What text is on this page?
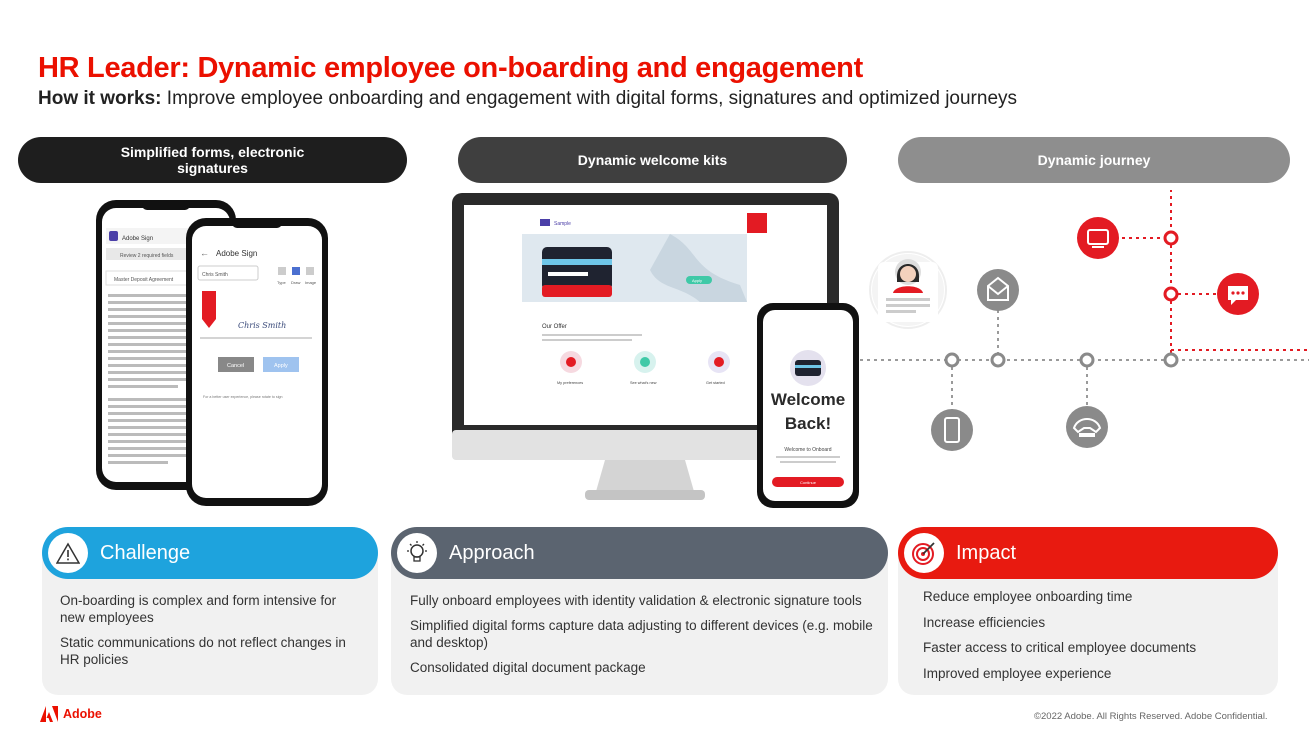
HR Leader: Dynamic employee on-boarding and engagement
How it works: Improve employee onboarding and engagement with digital forms, signatures and optimized journeys
Simplified forms, electronic signatures	Dynamic welcome kits	Dynamic journey
Adobe Sign
Review 2 required fields
Master Deposit Agreement
← Adobe Sign
Chris Smith
Type Draw Image
Chris Smith
Cancel	Apply
For a better user experience, please rotate to sign
Sample
Apply
Our Offer
My preferences	See what's new	Get started
Welcome
Back!
Welcome to Onboard
Continue
Challenge	Approach	Impact
On-boarding is complex and form intensive for new employees
Static communications do not reflect changes in HR policies
Fully onboard employees with identity validation & electronic signature tools
Simplified digital forms capture data adjusting to different devices (e.g. mobile and desktop)
Consolidated digital document package
Reduce employee onboarding time
Increase efficiencies
Faster access to critical employee documents
Improved employee experience
Adobe	©2022 Adobe. All Rights Reserved. Adobe Confidential.
